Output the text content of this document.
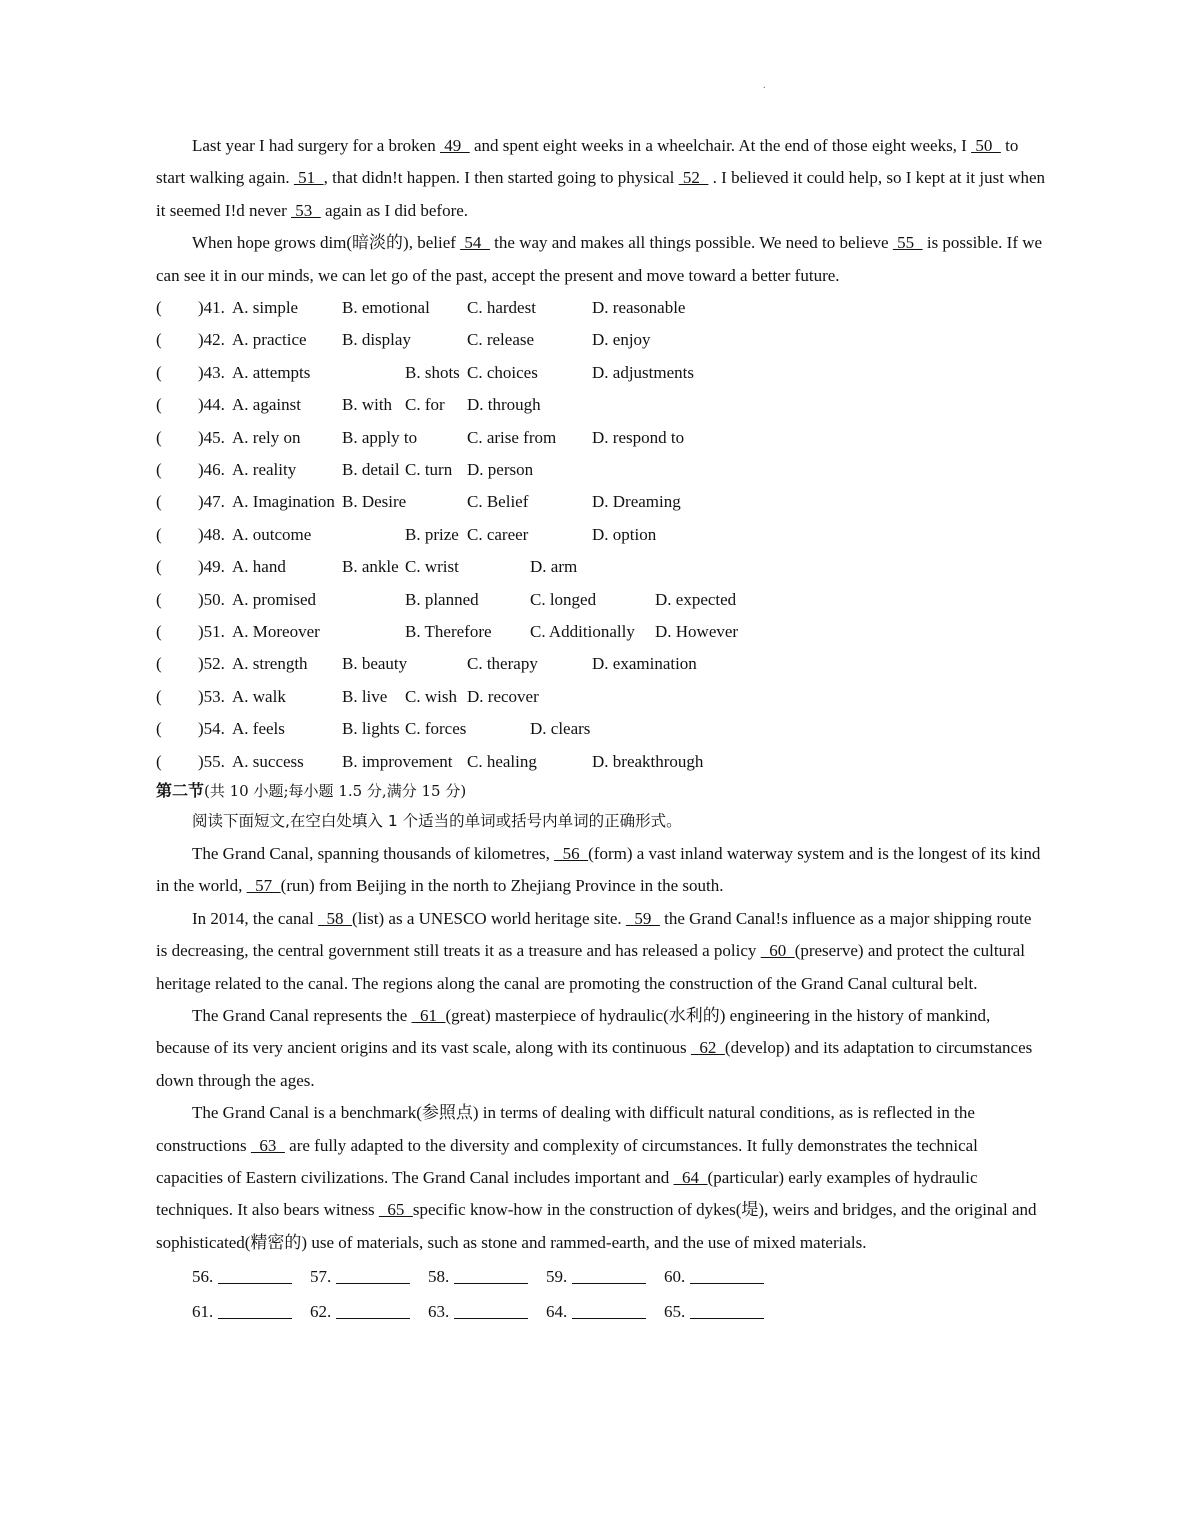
.

Last year I had surgery for a broken  49   and spent eight weeks in a wheelchair. At the end of those eight weeks, I  50   to start walking again.  51  , that didn!t happen. I then started going to physical  52   . I believed it could help, so I kept at it just when it seemed I!d never  53   again as I did before.

When hope grows dim(暗淡的), belief  54   the way and makes all things possible. We need to believe  55   is possible. If we can see it in our minds, we can let go of the past, accept the present and move toward a better future.

( )41. A. simple	B. emotional C. hardest	D. reasonable
( )42. A. practice B. display	C. release	D. enjoy
( )43. A. attempts	B. shots C. choices	D. adjustments
( )44. A. against B. with C. for D. through
( )45. A. rely on B. apply to	C. arise from D. respond to
( )46. A. reality	B. detail C. turn D. person
( )47. A. Imagination B. Desire	C. Belief	D. Dreaming
( )48. A. outcome	B. prize C. career	D. option
( )49. A. hand	B. ankle C. wrist	D. arm
( )50. A. promised	B. planned	C. longed	D. expected
( )51. A. Moreover	B. Therefore C. Additionally D. However
( )52. A. strength B. beauty	C. therapy	D. examination
( )53. A. walk	B. live C. wish D. recover
( )54. A. feels	B. lights C. forces	D. clears
( )55. A. success B. improvement C. healing	D. breakthrough
第二节(共 10 小题;每小题 1.5 分,满分 15 分)
阅读下面短文,在空白处填入 1 个适当的单词或括号内单词的正确形式。

The Grand Canal, spanning thousands of kilometres,   56  (form) a vast inland waterway system and is the longest of its kind in the world,   57  (run) from Beijing in the north to Zhejiang Province in the south.

In 2014, the canal   58  (list) as a UNESCO world heritage site.   59   the Grand Canal!s influence as a major shipping route is decreasing, the central government still treats it as a treasure and has released a policy   60  (preserve) and protect the cultural heritage related to the canal. The regions along the canal are promoting the construction of the Grand Canal cultural belt.

The Grand Canal represents the   61  (great) masterpiece of hydraulic(水利的) engineering in the history of mankind, because of its very ancient origins and its vast scale, along with its continuous   62  (develop) and its adaptation to circumstances down through the ages.

The Grand Canal is a benchmark(参照点) in terms of dealing with difficult natural conditions, as is reflected in the constructions   63   are fully adapted to the diversity and complexity of circumstances. It fully demonstrates the technical capacities of Eastern civilizations. The Grand Canal includes important and   64  (particular) early examples of hydraulic techniques. It also bears witness   65  specific know-how in the construction of dykes(堤), weirs and bridges, and the original and sophisticated(精密的) use of materials, such as stone and rammed-earth, and the use of mixed materials.

56.	57.	58.	59.	60.
61.	62.	63.	64.	65.
